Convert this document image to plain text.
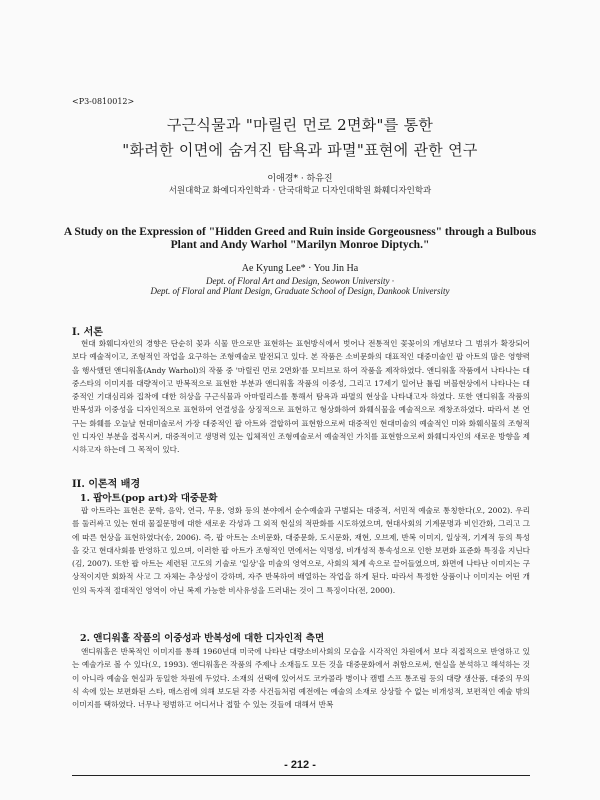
<P3-0810012>
구근식물과 "마릴린 먼로 2면화"를 통한
"화려한 이면에 숨겨진 탐욕과 파멸"표현에 관한 연구
이애경* · 하유진
서원대학교 화예디자인학과 · 단국대학교 디자인대학원 화훼디자인학과
A Study on the Expression of "Hidden Greed and Ruin inside Gorgeousness" through a Bulbous Plant and Andy Warhol "Marilyn Monroe Diptych."
Ae Kyung Lee* · You Jin Ha
Dept. of Floral Art and Design, Seowon University ·
Dept. of Floral and Plant Design, Graduate School of Design, Dankook University
I. 서론

현대 화훼디자인의 경향은 단순히 꽃과 식물 만으로만 표현하는 표현방식에서 벗어나 전통적인 꽃꽂이의 개념보다 그 범위가 확장되어 보다 예술적이고, 조형적인 작업을 요구하는 조형예술로 발전되고 있다. 본 작품은 소비문화의 대표적인 대중미술인 팝 아트의 많은 영향력을 행사했던 앤디워홀(Andy Warhol)의 작품 중 '마릴린 먼로 2면화'를 모티브로 하여 작품을 제작하였다. 앤디워홀 작품에서 나타나는 대중스타의 이미지를 대량적이고 반복적으로 표현한 부분과 앤디워홀 작품의 이중성, 그리고 17세기 일어난 튤립 버블현상에서 나타나는 대중적인 기대심리와 집착에 대한 허상을 구근식물과 아마릴리스를 통해서 탐욕과 파멸의 현상을 나타내고자 하였다. 또한 앤디워홀 작품의 반복성과 이중성을 디자인적으로 표현하여 연결성을 상징적으로 표현하고 형상화하여 화훼식물을 예술적으로 재창조하였다. 따라서 본 연구는 화훼를 오늘날 현대미술로서 가장 대중적인 팝 아트와 결합하여 표현함으로써 대중적인 현대미술의 예술적인 미와 화훼식물의 조형적인 디자인 부분을 접목시켜, 대중적이고 생명력 있는 입체적인 조형예술로서 예술적인 가치를 표현함으로써 화훼디자인의 새로운 방향을 제시하고자 하는데 그 목적이 있다.

II. 이론적 배경
1. 팝아트(pop art)와 대중문화

팝 아트라는 표현은 문학, 음악, 연극, 무용, 영화 등의 분야에서 순수예술과 구별되는 대중적, 서민적 예술로 통칭한다(오, 2002). 우리를 둘러싸고 있는 현대 물질문명에 대한 새로운 각성과 그 외적 현실의 적판화를 시도하였으며, 현대사회의 기계문명과 비인간화, 그리고 그에 따른 현상을 표현하였다(송, 2006). 즉, 팝 아트는 소비문화, 대중문화, 도시문화, 재현, 오브제, 반복 이미지, 일상적, 기계적 등의 특성을 갖고 현대사회를 반영하고 있으며, 이러한 팝 아트가 조형적인 면에서는 익명성, 비개성적 통속성으로 인한 보편화 표준화 특징을 지닌다(김, 2007). 또한 팝 아트는 세련된 고도의 기술로 '일상'을 미술의 영역으로, 사회의 체계 속으로 끌어들였으며, 화면에 나타난 이미지는 구상적이지만 회화적 사고 그 자체는 추상성이 강하며, 자주 반복하여 배열하는 작업을 하게 된다. 따라서 특정한 상품이나 이미지는 어떤 개인의 독자적 절대적인 영역이 아닌 복제 가능한 비사유성을 드러내는 것이 그 특징이다(전, 2000).

2. 앤디워홀 작품의 이중성과 반복성에 대한 디자인적 측면

앤디워홀은 반복적인 이미지를 통해 1960년대 미국에 나타난 대량소비사회의 모습을 시각적인 차원에서 보다 직접적으로 반영하고 있는 예술가로 볼 수 있다(오, 1993). 앤디워홀은 작품의 주제나 소재들도 모든 것을 대중문화에서 취함으로써, 현실을 분석하고 해석하는 것이 아니라 예술을 현실과 동일한 차원에 두었다. 소재의 선택에 있어서도 코카콜라 병이나 캠벨 스프 통조림 등의 대량 생산품, 대중의 무의식 속에 있는 보편화된 스타, 매스컴에 의해 보도된 각종 사건들처럼 예전에는 예술의 소재로 상상할 수 없는 비개성적, 보편적인 예술 밖의 이미지를 택하였다. 너무나 평범하고 어디서나 접할 수 있는 것들에 대해서 반복

- 212 -
